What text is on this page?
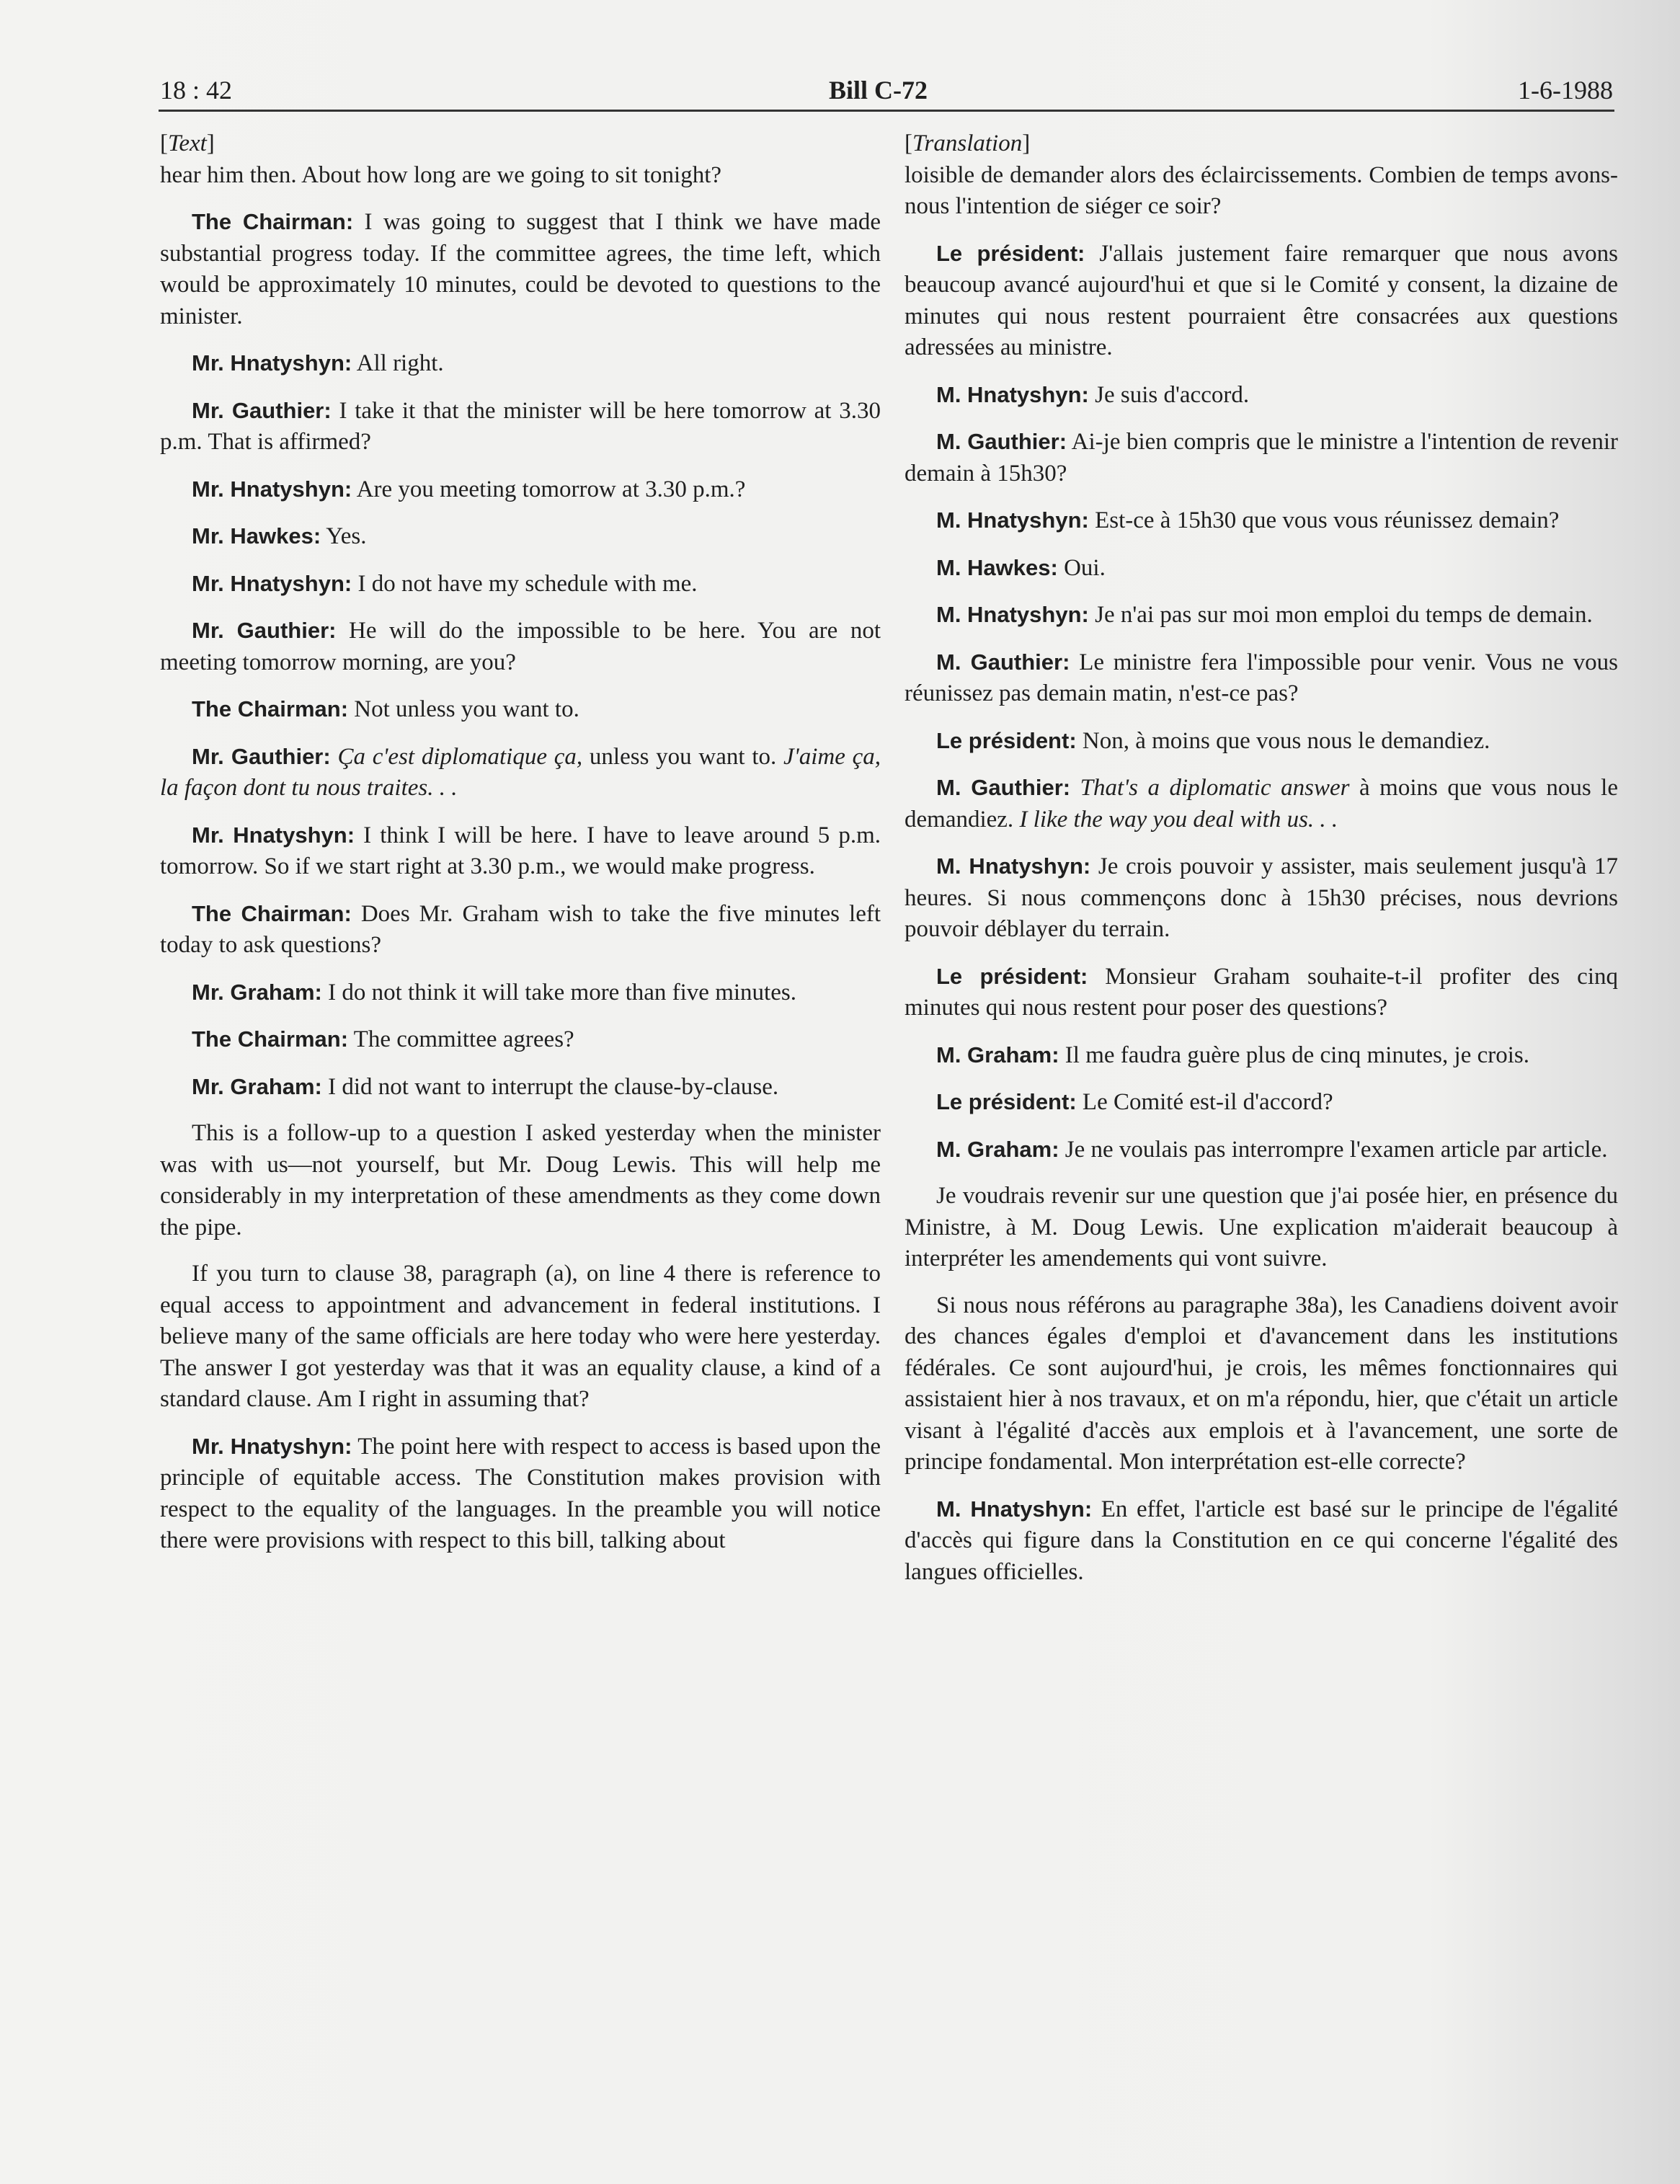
18 : 42	Bill C-72	1-6-1988
[Text]

hear him then. About how long are we going to sit tonight?

The Chairman: I was going to suggest that I think we have made substantial progress today. If the committee agrees, the time left, which would be approximately 10 minutes, could be devoted to questions to the minister.

Mr. Hnatyshyn: All right.

Mr. Gauthier: I take it that the minister will be here tomorrow at 3.30 p.m. That is affirmed?

Mr. Hnatyshyn: Are you meeting tomorrow at 3.30 p.m.?

Mr. Hawkes: Yes.

Mr. Hnatyshyn: I do not have my schedule with me.

Mr. Gauthier: He will do the impossible to be here. You are not meeting tomorrow morning, are you?

The Chairman: Not unless you want to.

Mr. Gauthier: Ça c'est diplomatique ça, unless you want to. J'aime ça, la façon dont tu nous traites. . .

Mr. Hnatyshyn: I think I will be here. I have to leave around 5 p.m. tomorrow. So if we start right at 3.30 p.m., we would make progress.

The Chairman: Does Mr. Graham wish to take the five minutes left today to ask questions?

Mr. Graham: I do not think it will take more than five minutes.

The Chairman: The committee agrees?

Mr. Graham: I did not want to interrupt the clause-by-clause.

This is a follow-up to a question I asked yesterday when the minister was with us—not yourself, but Mr. Doug Lewis. This will help me considerably in my interpretation of these amendments as they come down the pipe.

If you turn to clause 38, paragraph (a), on line 4 there is reference to equal access to appointment and advancement in federal institutions. I believe many of the same officials are here today who were here yesterday. The answer I got yesterday was that it was an equality clause, a kind of a standard clause. Am I right in assuming that?

Mr. Hnatyshyn: The point here with respect to access is based upon the principle of equitable access. The Constitution makes provision with respect to the equality of the languages. In the preamble you will notice there were provisions with respect to this bill, talking about

[Translation]

loisible de demander alors des éclaircissements. Combien de temps avons-nous l'intention de siéger ce soir?

Le président: J'allais justement faire remarquer que nous avons beaucoup avancé aujourd'hui et que si le Comité y consent, la dizaine de minutes qui nous restent pourraient être consacrées aux questions adressées au ministre.

M. Hnatyshyn: Je suis d'accord.

M. Gauthier: Ai-je bien compris que le ministre a l'intention de revenir demain à 15h30?

M. Hnatyshyn: Est-ce à 15h30 que vous vous réunissez demain?

M. Hawkes: Oui.

M. Hnatyshyn: Je n'ai pas sur moi mon emploi du temps de demain.

M. Gauthier: Le ministre fera l'impossible pour venir. Vous ne vous réunissez pas demain matin, n'est-ce pas?

Le président: Non, à moins que vous nous le demandiez.

M. Gauthier: That's a diplomatic answer à moins que vous nous le demandiez. I like the way you deal with us. . .

M. Hnatyshyn: Je crois pouvoir y assister, mais seulement jusqu'à 17 heures. Si nous commençons donc à 15h30 précises, nous devrions pouvoir déblayer du terrain.

Le président: Monsieur Graham souhaite-t-il profiter des cinq minutes qui nous restent pour poser des questions?

M. Graham: Il me faudra guère plus de cinq minutes, je crois.

Le président: Le Comité est-il d'accord?

M. Graham: Je ne voulais pas interrompre l'examen article par article.

Je voudrais revenir sur une question que j'ai posée hier, en présence du Ministre, à M. Doug Lewis. Une explication m'aiderait beaucoup à interpréter les amendements qui vont suivre.

Si nous nous référons au paragraphe 38a), les Canadiens doivent avoir des chances égales d'emploi et d'avancement dans les institutions fédérales. Ce sont aujourd'hui, je crois, les mêmes fonctionnaires qui assistaient hier à nos travaux, et on m'a répondu, hier, que c'était un article visant à l'égalité d'accès aux emplois et à l'avancement, une sorte de principe fondamental. Mon interprétation est-elle correcte?

M. Hnatyshyn: En effet, l'article est basé sur le principe de l'égalité d'accès qui figure dans la Constitution en ce qui concerne l'égalité des langues officielles.
